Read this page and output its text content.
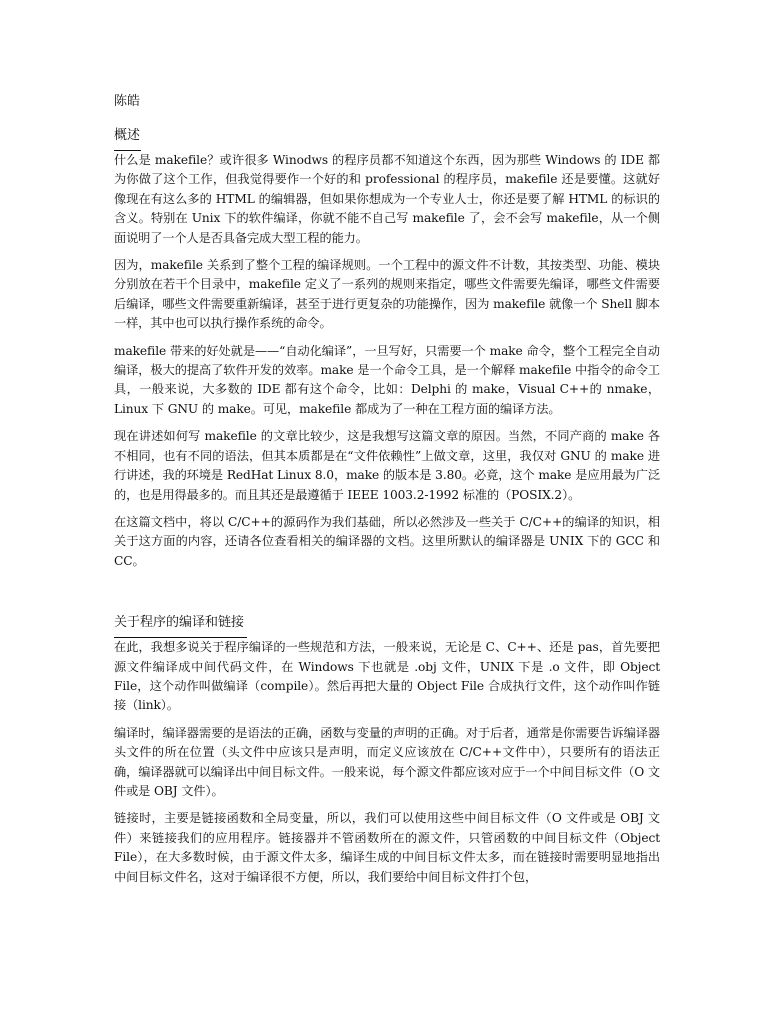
陈皓

概述

什么是 makefile？或许很多 Winodws 的程序员都不知道这个东西，因为那些 Windows 的 IDE 都为你做了这个工作，但我觉得要作一个好的和 professional 的程序员，makefile 还是要懂。这就好像现在有这么多的 HTML 的编辑器，但如果你想成为一个专业人士，你还是要了解 HTML 的标识的含义。特别在 Unix 下的软件编译，你就不能不自己写 makefile 了，会不会写 makefile，从一个侧面说明了一个人是否具备完成大型工程的能力。

因为，makefile 关系到了整个工程的编译规则。一个工程中的源文件不计数，其按类型、功能、模块分别放在若干个目录中，makefile 定义了一系列的规则来指定，哪些文件需要先编译，哪些文件需要后编译，哪些文件需要重新编译，甚至于进行更复杂的功能操作，因为 makefile 就像一个 Shell 脚本一样，其中也可以执行操作系统的命令。

makefile 带来的好处就是——“自动化编译”，一旦写好，只需要一个 make 命令，整个工程完全自动编译，极大的提高了软件开发的效率。make 是一个命令工具，是一个解释 makefile 中指令的命令工具，一般来说，大多数的 IDE 都有这个命令，比如：Delphi 的 make，Visual C++的 nmake，Linux 下 GNU 的 make。可见，makefile 都成为了一种在工程方面的编译方法。

现在讲述如何写 makefile 的文章比较少，这是我想写这篇文章的原因。当然，不同产商的 make 各不相同，也有不同的语法，但其本质都是在“文件依赖性”上做文章，这里，我仅对 GNU 的 make 进行讲述，我的环境是 RedHat Linux 8.0，make 的版本是 3.80。必竟，这个 make 是应用最为广泛的，也是用得最多的。而且其还是最遵循于 IEEE 1003.2-1992 标准的（POSIX.2）。

在这篇文档中，将以 C/C++的源码作为我们基础，所以必然涉及一些关于 C/C++的编译的知识，相关于这方面的内容，还请各位查看相关的编译器的文档。这里所默认的编译器是 UNIX 下的 GCC 和 CC。

关于程序的编译和链接

在此，我想多说关于程序编译的一些规范和方法，一般来说，无论是 C、C++、还是 pas，首先要把源文件编译成中间代码文件，在 Windows 下也就是 .obj 文件，UNIX 下是 .o 文件，即 Object File，这个动作叫做编译（compile）。然后再把大量的 Object File 合成执行文件，这个动作叫作链接（link）。

编译时，编译器需要的是语法的正确，函数与变量的声明的正确。对于后者，通常是你需要告诉编译器头文件的所在位置（头文件中应该只是声明，而定义应该放在 C/C++文件中），只要所有的语法正确，编译器就可以编译出中间目标文件。一般来说，每个源文件都应该对应于一个中间目标文件（O 文件或是 OBJ 文件）。

链接时，主要是链接函数和全局变量，所以，我们可以使用这些中间目标文件（O 文件或是 OBJ 文件）来链接我们的应用程序。链接器并不管函数所在的源文件，只管函数的中间目标文件（Object File），在大多数时候，由于源文件太多，编译生成的中间目标文件太多，而在链接时需要明显地指出中间目标文件名，这对于编译很不方便，所以，我们要给中间目标文件打个包，
